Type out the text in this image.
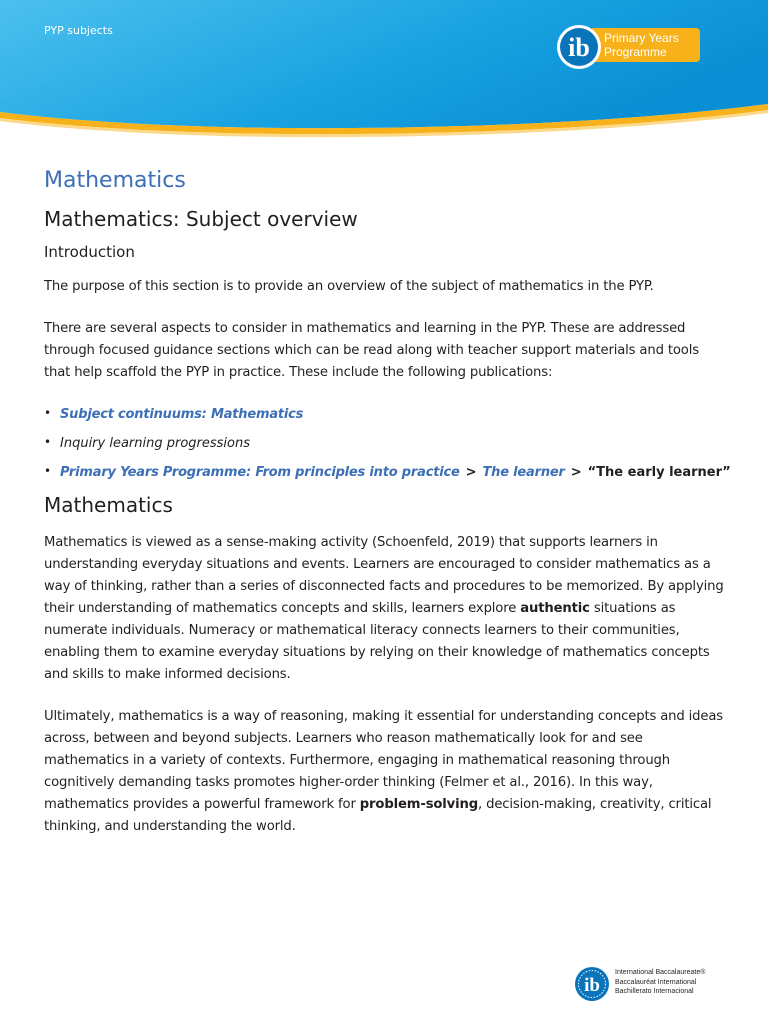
PYP subjects
Primary Years
Programme
ib
Mathematics
Mathematics: Subject overview
Introduction

The purpose of this section is to provide an overview of the subject of mathematics in the PYP.

There are several aspects to consider in mathematics and learning in the PYP. These are addressed through focused guidance sections which can be read along with teacher support materials and tools that help scaffold the PYP in practice. These include the following publications:

• Subject continuums: Mathematics
• Inquiry learning progressions
• Primary Years Programme: From principles into practice > The learner > “The early learner”
Mathematics

Mathematics is viewed as a sense-making activity (Schoenfeld, 2019) that supports learners in understanding everyday situations and events. Learners are encouraged to consider mathematics as a way of thinking, rather than a series of disconnected facts and procedures to be memorized. By applying their understanding of mathematics concepts and skills, learners explore authentic situations as numerate individuals. Numeracy or mathematical literacy connects learners to their communities, enabling them to examine everyday situations by relying on their knowledge of mathematics concepts and skills to make informed decisions.

Ultimately, mathematics is a way of reasoning, making it essential for understanding concepts and ideas across, between and beyond subjects. Learners who reason mathematically look for and see mathematics in a variety of contexts. Furthermore, engaging in mathematical reasoning through cognitively demanding tasks promotes higher-order thinking (Felmer et al., 2016). In this way, mathematics provides a powerful framework for problem-solving, decision-making, creativity, critical thinking, and understanding the world.

ib
International Baccalaureate®
Baccalauréat International
Bachillerato Internacional
